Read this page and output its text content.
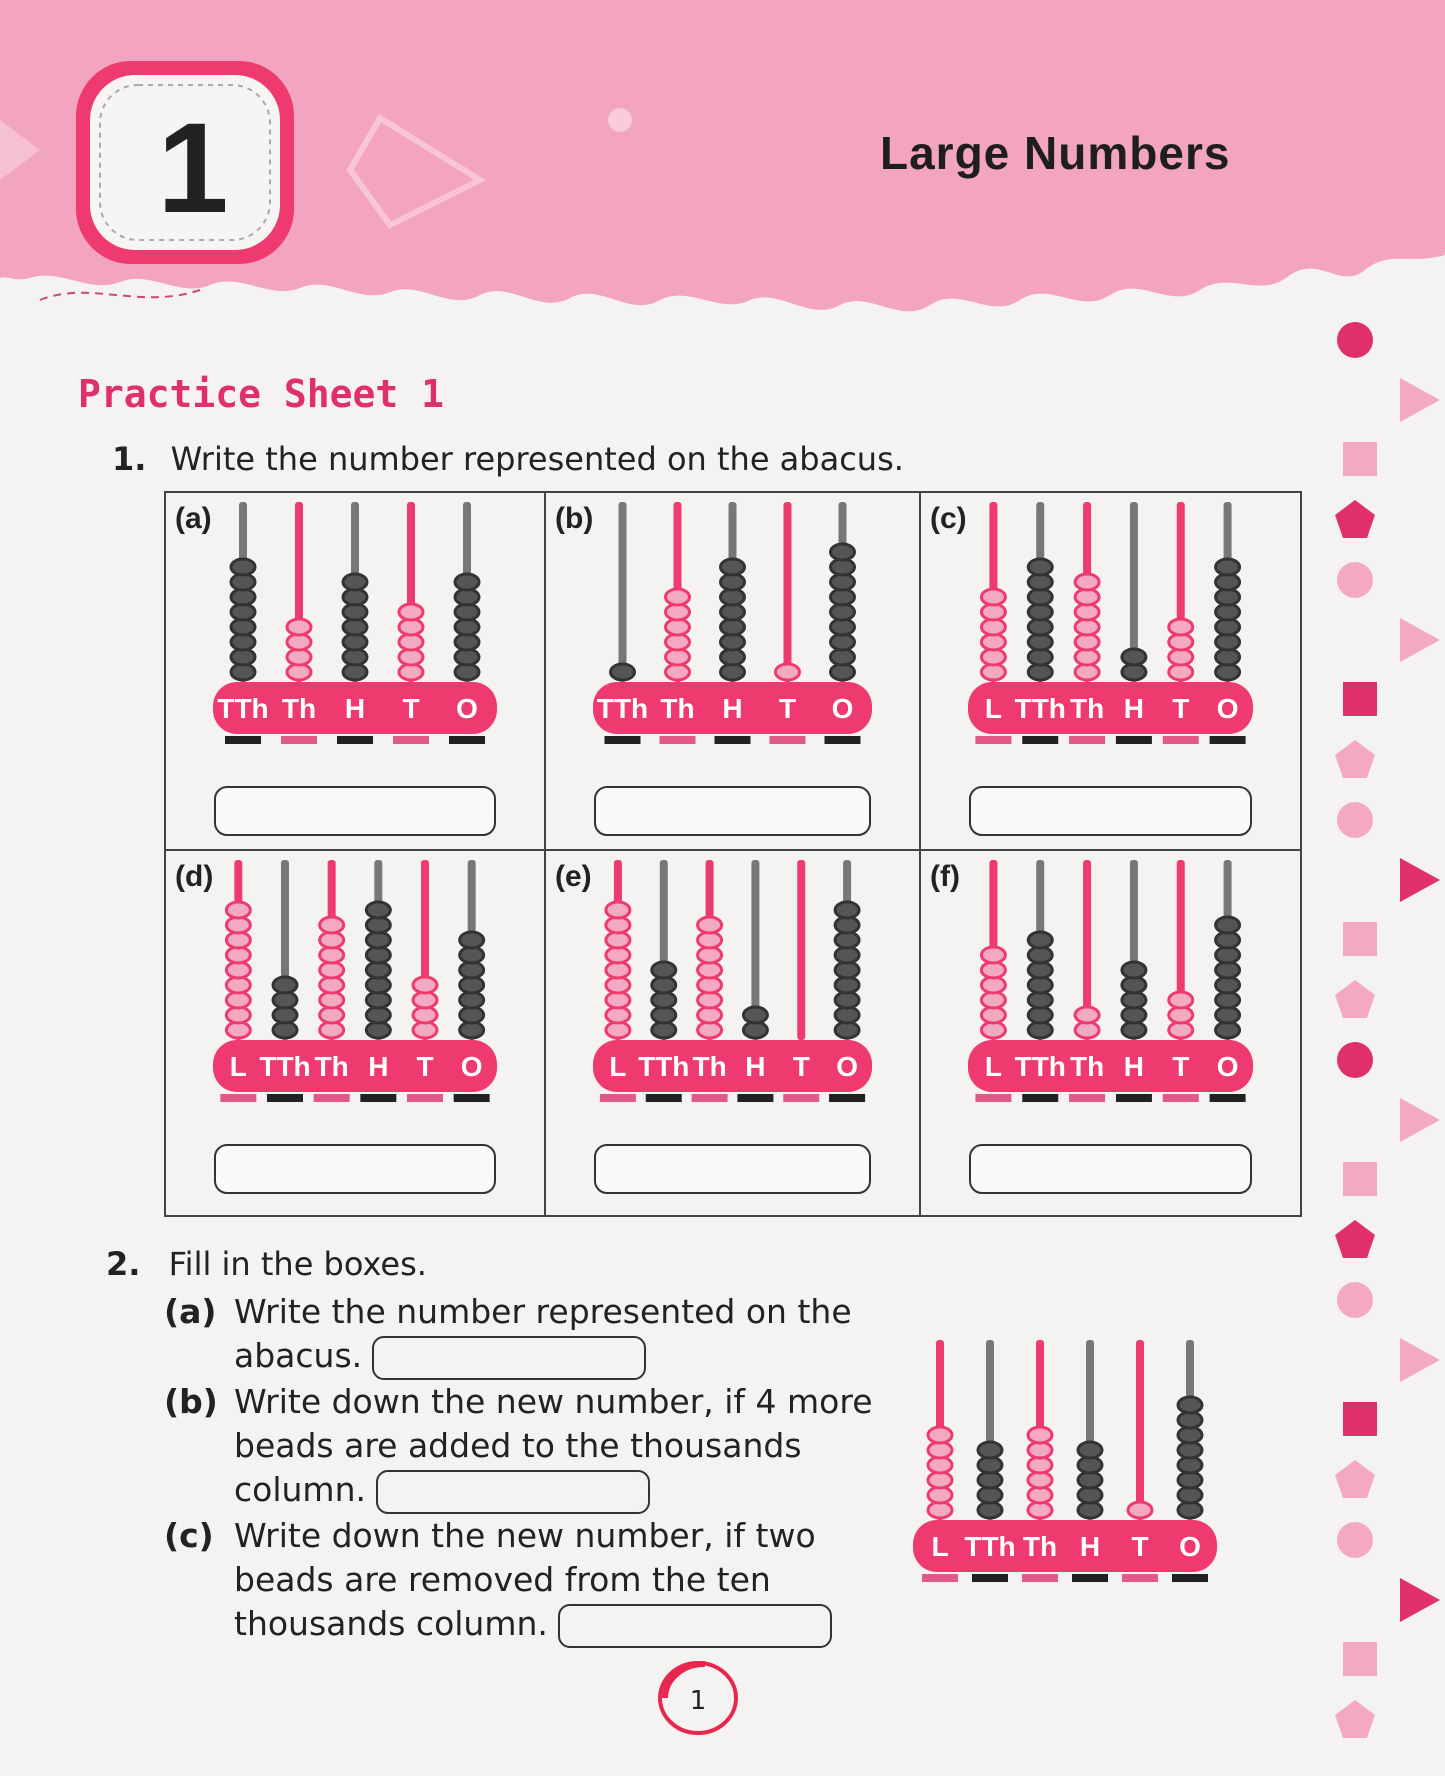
1	Large Numbers
Practice Sheet 1
1. Write the number represented on the abacus.
TTh Th H T O
(a)
TTh Th H T O
(b)
L TTh Th H T O
(c)
L TTh Th H T O
(d)
L TTh Th H T O
(e)
L TTh Th H T O
(f)
2. Fill in the boxes.
(a) Write the number represented on the
abacus.
(b) Write down the new number, if 4 more
beads are added to the thousands
column.
(c) Write down the new number, if two
beads are removed from the ten
thousands column.
L TTh Th H T O
1
